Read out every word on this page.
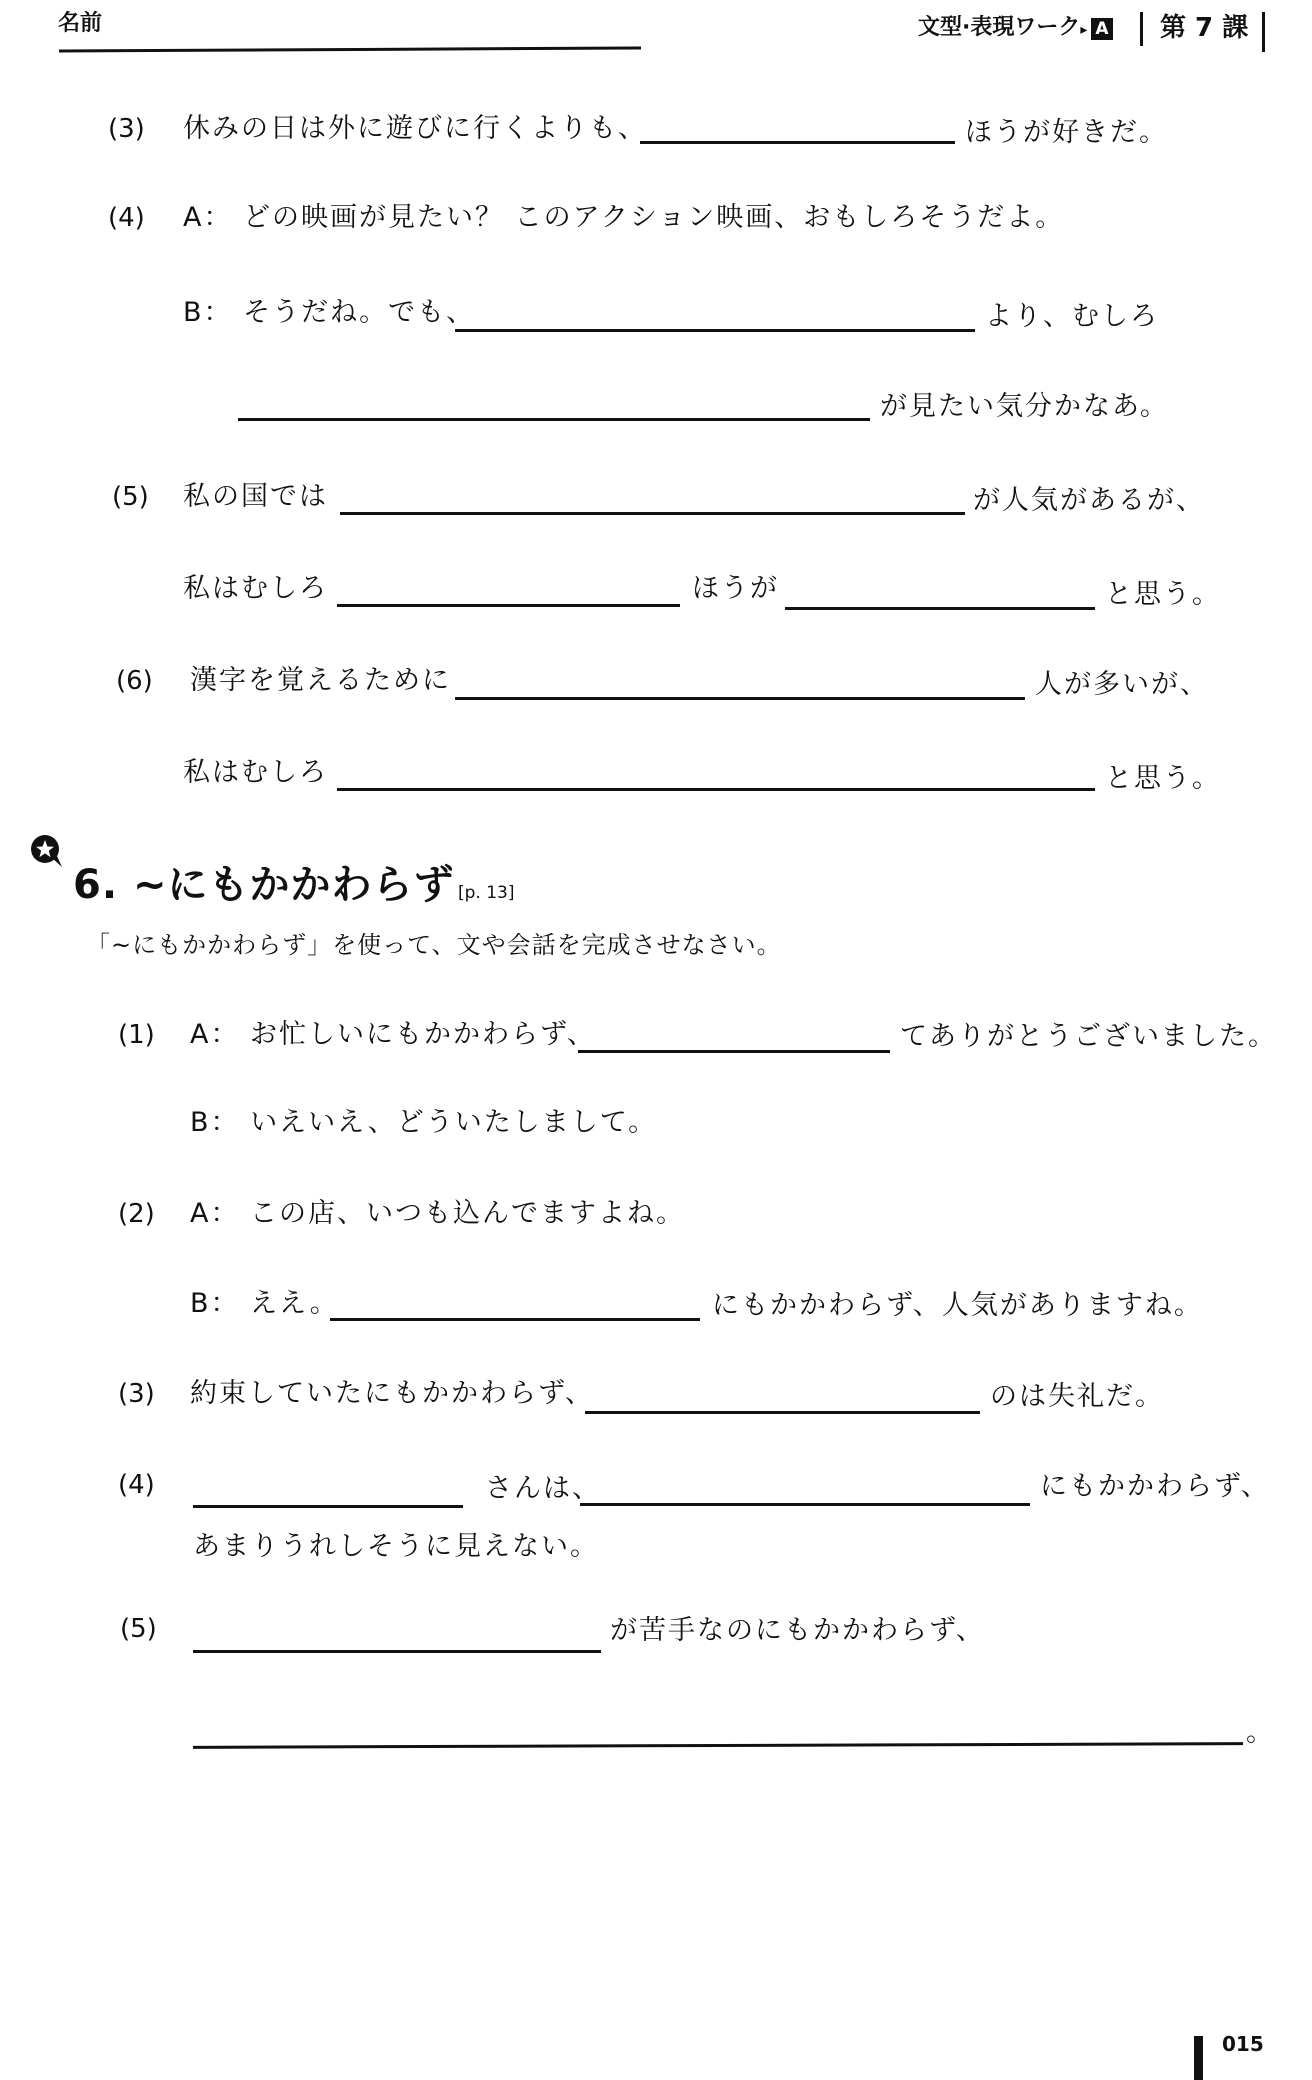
名前	文型·表現ワーク▸ A 第 7 課
(3) 休みの日は外に遊びに行くよりも、	ほうが好きだ。
(4) A： どの映画が見たい？ このアクション映画、おもしろそうだよ。
B： そうだね。でも、	より、むしろ
が見たい気分かなあ。
(5) 私の国では	が人気があるが、
私はむしろ	ほうが	と思う。
(6) 漢字を覚えるために	人が多いが、
私はむしろ	と思う。
6. ~にもかかわらず [p. 13]
「~にもかかわらず」を使って、文や会話を完成させなさい。
(1) A： お忙しいにもかかわらず、	てありがとうございました。
B： いえいえ、どういたしまして。
(2) A： この店、いつも込んでますよね。
B： ええ。	にもかかわらず、人気がありますね。
(3) 約束していたにもかかわらず、	のは失礼だ。
(4)	さんは、	にもかかわらず、
あまりうれしそうに見えない。
(5)	が苦手なのにもかかわらず、
。
015
